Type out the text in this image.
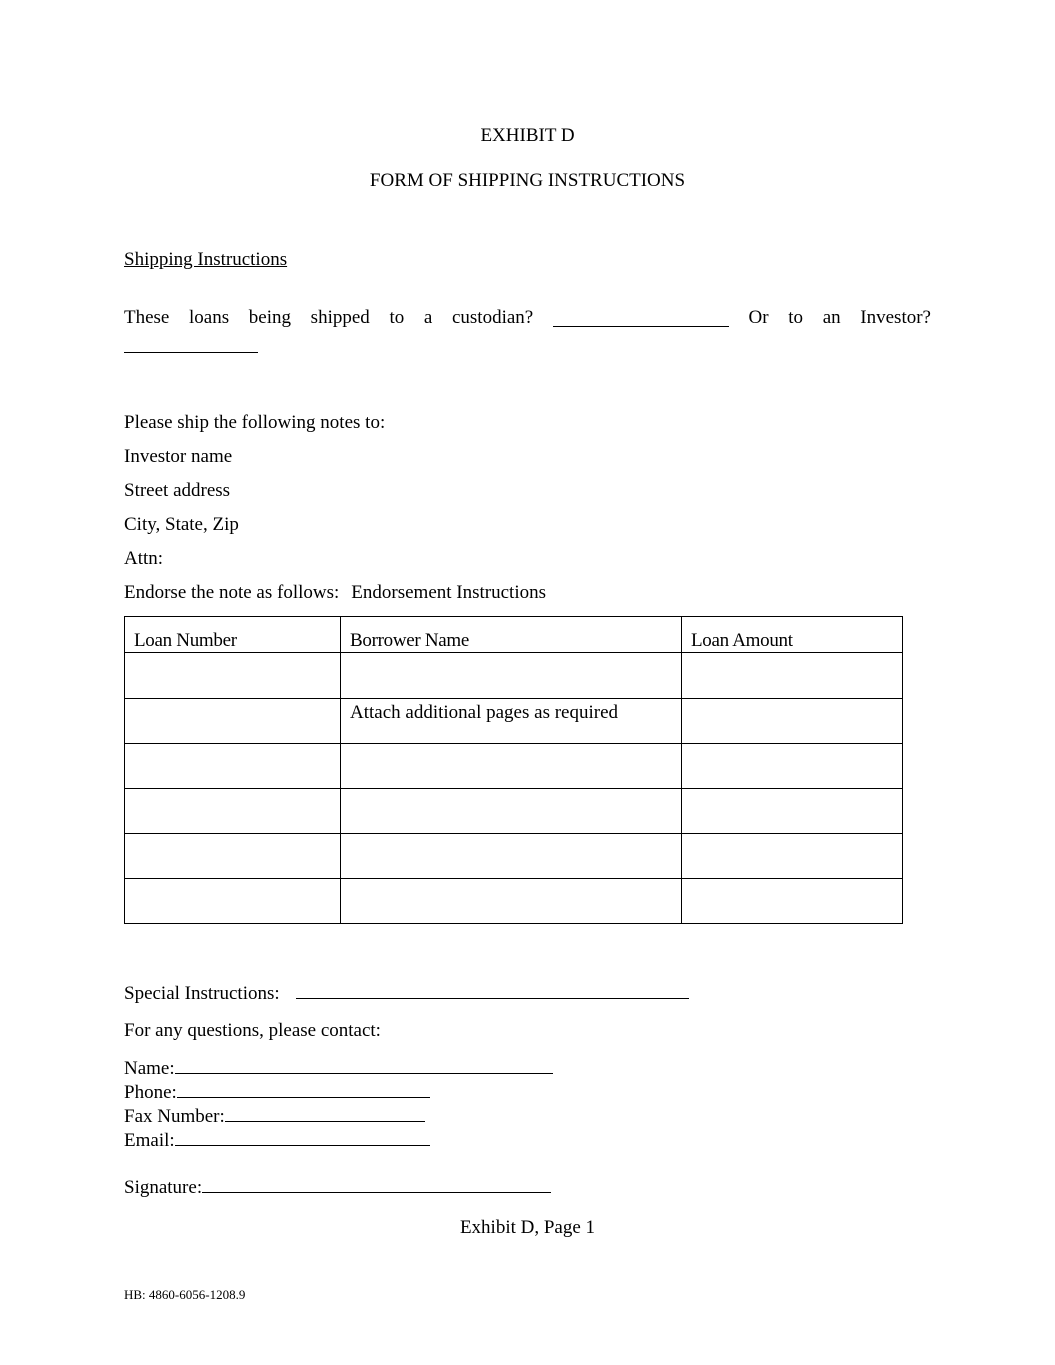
EXHIBIT D
FORM OF SHIPPING INSTRUCTIONS
Shipping Instructions
These loans being shipped to a custodian?	Or to an Investor?
Please ship the following notes to:
Investor name
Street address
City, State, Zip
Attn:
Endorse the note as follows: Endorsement Instructions
Loan Number	Borrower Name	Loan Amount

	Attach additional pages as required	

Special Instructions:
For any questions, please contact:
Name:
Phone:
Fax Number:
Email:
Signature:
Exhibit D, Page 1
HB: 4860-6056-1208.9
